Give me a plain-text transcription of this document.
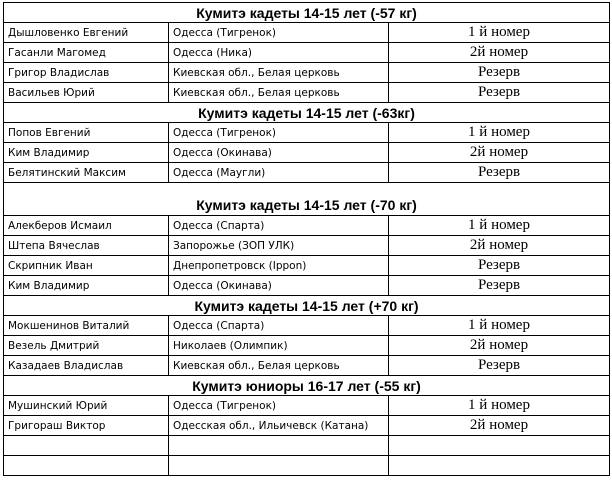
Кумитэ кадеты 14-15 лет (-57 кг)		
Дышловенко Евгений	Одесса (Тигренок)	1 й номер
Гасанли Магомед	Одесса (Ника)	2й номер
Григор Владислав	Киевская обл., Белая церковь	Резерв
Васильев Юрий	Киевская обл., Белая церковь	Резерв
Кумитэ кадеты 14-15 лет (-63кг)		
Попов Евгений	Одесса (Тигренок)	1 й номер
Ким Владимир	Одесса (Окинава)	2й номер
Белятинский Максим	Одесса (Маугли)	Резерв
Кумитэ кадеты 14-15 лет (-70 кг)		
Алекберов Исмаил	Одесса (Спарта)	1 й номер
Штепа Вячеслав	Запорожье (ЗОП УЛК)	2й номер
Скрипник Иван	Днепропетровск (Ippon)	Резерв
Ким Владимир	Одесса (Окинава)	Резерв
Кумитэ кадеты 14-15 лет (+70 кг)		
Мокшенинов Виталий	Одесса (Спарта)	1 й номер
Везель Дмитрий	Николаев (Олимпик)	2й номер
Казадаев Владислав	Киевская обл., Белая церковь	Резерв
Кумитэ юниоры 16-17 лет (-55 кг)		
Мушинский Юрий	Одесса (Тигренок)	1 й номер
Григораш Виктор	Одесская обл., Ильичевск (Катана)	2й номер
